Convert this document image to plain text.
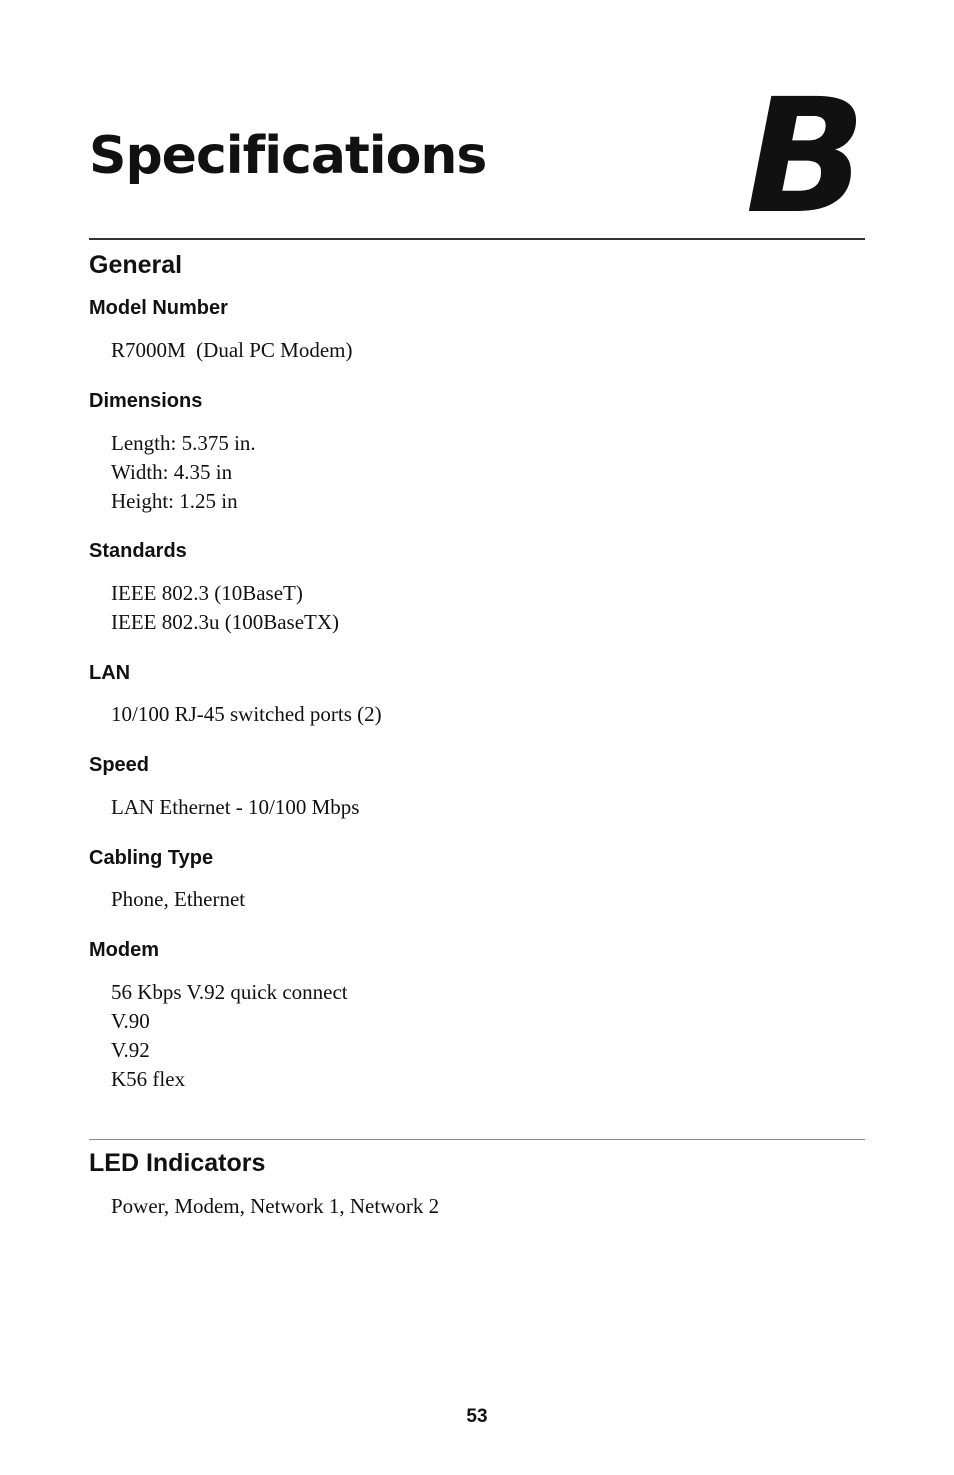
Specifications B
General
Model Number
R7000M  (Dual PC Modem)
Dimensions
Length: 5.375 in.
Width: 4.35 in
Height: 1.25 in
Standards
IEEE 802.3 (10BaseT)
IEEE 802.3u (100BaseTX)
LAN
10/100 RJ-45 switched ports (2)
Speed
LAN Ethernet - 10/100 Mbps
Cabling Type
Phone, Ethernet
Modem
56 Kbps V.92 quick connect
V.90
V.92
K56 flex
LED Indicators
Power, Modem, Network 1, Network 2
53
